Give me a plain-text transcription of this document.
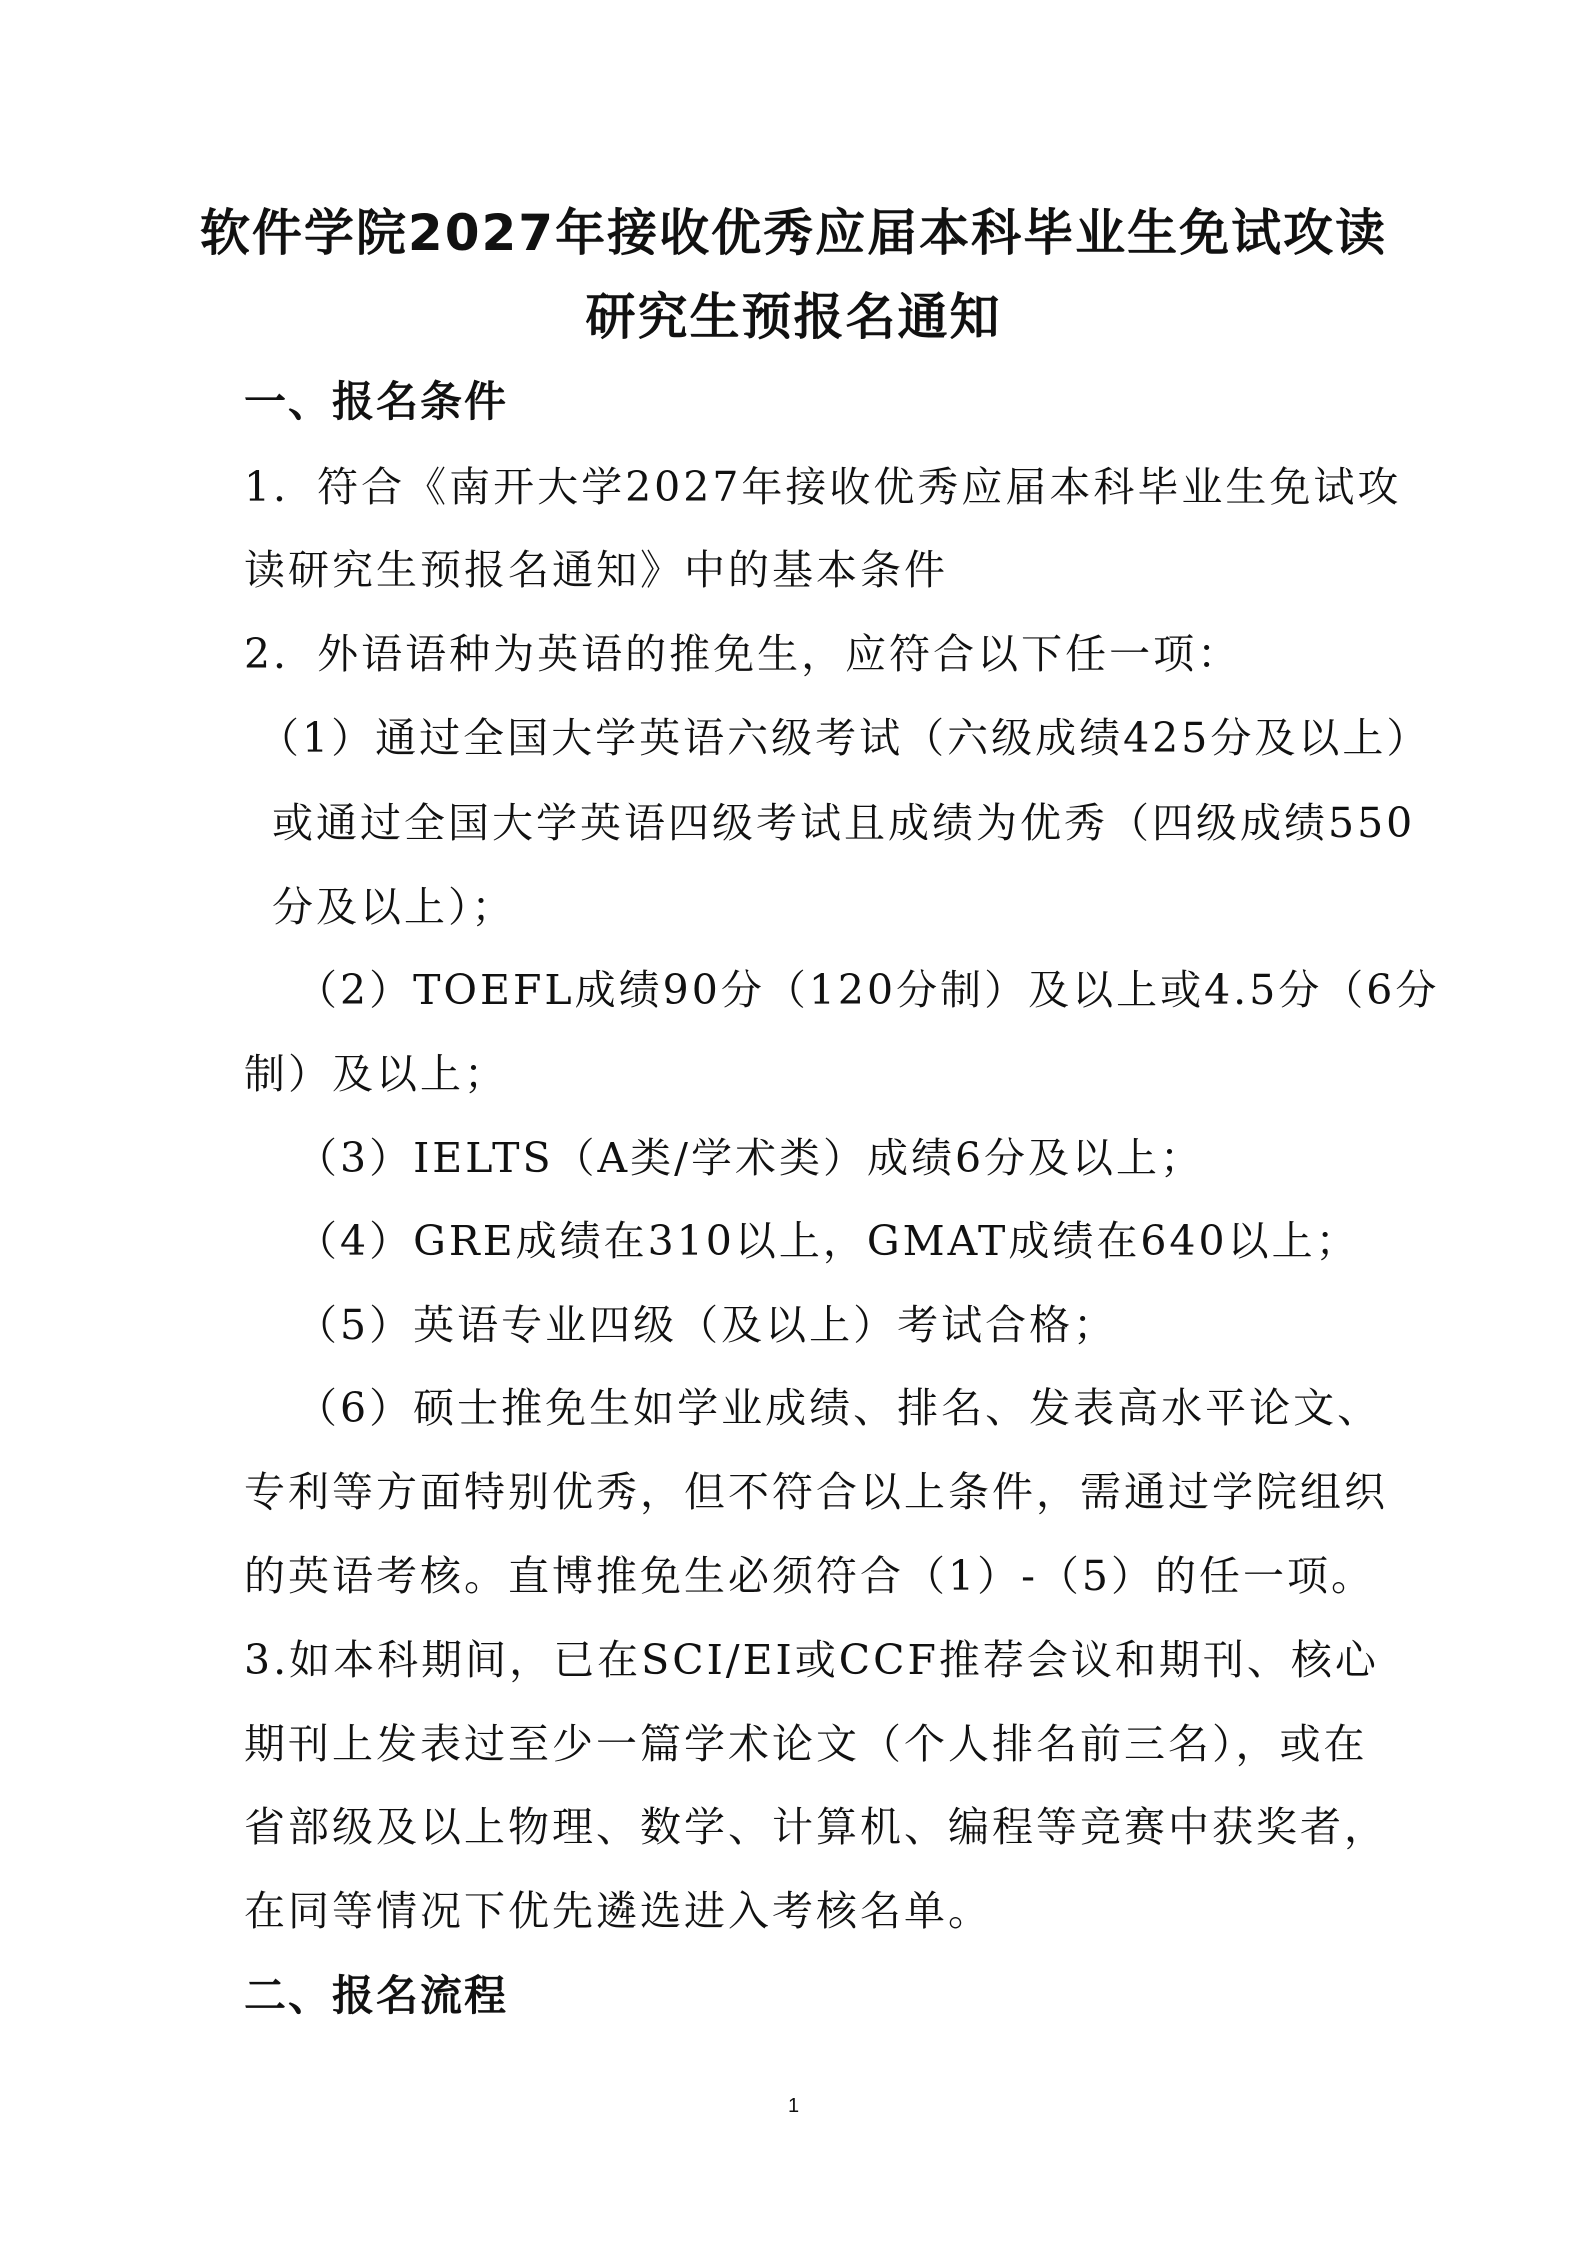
软件学院2027年接收优秀应届本科毕业生免试攻读
研究生预报名通知
一、报名条件
1．符合《南开大学2027年接收优秀应届本科毕业生免试攻
读研究生预报名通知》中的基本条件
2．外语语种为英语的推免生，应符合以下任一项：
（1）通过全国大学英语六级考试（六级成绩425分及以上）
或通过全国大学英语四级考试且成绩为优秀（四级成绩550
分及以上）；
（2）TOEFL成绩90分（120分制）及以上或4.5分（6分
制）及以上；
（3）IELTS（A类/学术类）成绩6分及以上；
（4）GRE成绩在310以上，GMAT成绩在640以上；
（5）英语专业四级（及以上）考试合格；
（6）硕士推免生如学业成绩、排名、发表高水平论文、
专利等方面特别优秀，但不符合以上条件，需通过学院组织
的英语考核。直博推免生必须符合（1）-（5）的任一项。
3.如本科期间，已在SCI/EI或CCF推荐会议和期刊、核心
期刊上发表过至少一篇学术论文（个人排名前三名），或在
省部级及以上物理、数学、计算机、编程等竞赛中获奖者，
在同等情况下优先遴选进入考核名单。
二、报名流程
1
